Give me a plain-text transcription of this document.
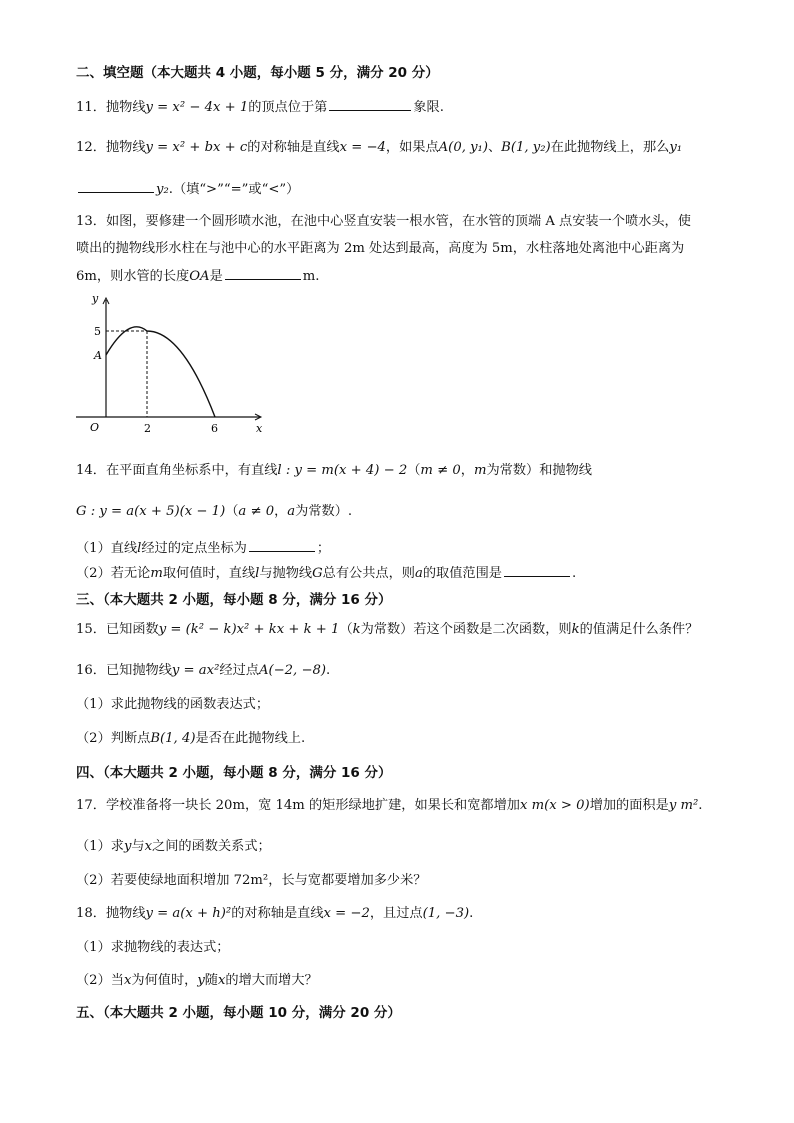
二、填空题（本大题共 4 小题，每小题 5 分，满分 20 分）
11．抛物线y = x² − 4x + 1的顶点位于第	象限.
12．抛物线y = x² + bx + c的对称轴是直线x = −4，如果点A(0, y₁)、B(1, y₂)在此抛物线上，那么y₁
y₂.（填“>”“=”或“<”）
13．如图，要修建一个圆形喷水池，在池中心竖直安装一根水管，在水管的顶端 A 点安装一个喷水头，使
喷出的抛物线形水柱在与池中心的水平距离为 2m 处达到最高，高度为 5m，水柱落地处离池中心距离为
6m，则水管的长度OA是	m.
y
x
O
A
5
2	6
14．在平面直角坐标系中，有直线l : y = m(x + 4) − 2（m ≠ 0，m为常数）和抛物线
G : y = a(x + 5)(x − 1)（a ≠ 0，a为常数）.
（1）直线l经过的定点坐标为	；
（2）若无论m取何值时，直线l与抛物线G总有公共点，则a的取值范围是	.
三、（本大题共 2 小题，每小题 8 分，满分 16 分）
15．已知函数y = (k² − k)x² + kx + k + 1（k为常数）若这个函数是二次函数，则k的值满足什么条件？
16．已知抛物线y = ax²经过点A(−2, −8).
（1）求此抛物线的函数表达式；
（2）判断点B(1, 4)是否在此抛物线上.
四、（本大题共 2 小题，每小题 8 分，满分 16 分）
17．学校准备将一块长 20m，宽 14m 的矩形绿地扩建，如果长和宽都增加x m(x > 0)增加的面积是y m².
（1）求y与x之间的函数关系式；
（2）若要使绿地面积增加 72m²，长与宽都要增加多少米？
18．抛物线y = a(x + h)²的对称轴是直线x = −2，且过点(1, −3).
（1）求抛物线的表达式；
（2）当x为何值时，y随x的增大而增大？
五、（本大题共 2 小题，每小题 10 分，满分 20 分）
